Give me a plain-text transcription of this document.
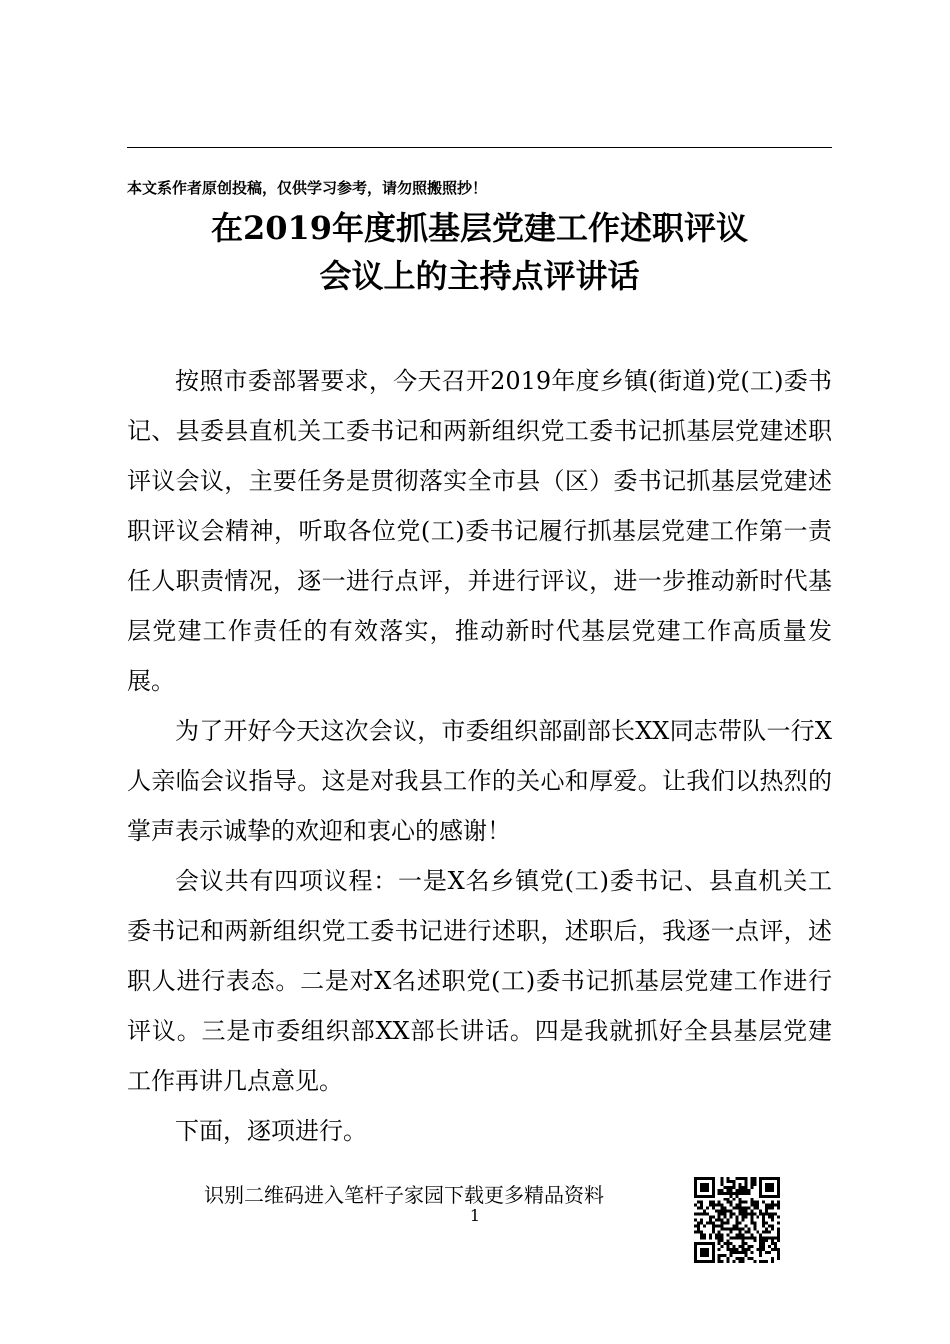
本文系作者原创投稿，仅供学习参考，请勿照搬照抄！
在2019年度抓基层党建工作述职评议
会议上的主持点评讲话

按照市委部署要求，今天召开2019年度乡镇(街道)党(工)委书记、县委县直机关工委书记和两新组织党工委书记抓基层党建述职评议会议，主要任务是贯彻落实全市县（区）委书记抓基层党建述职评议会精神，听取各位党(工)委书记履行抓基层党建工作第一责任人职责情况，逐一进行点评，并进行评议，进一步推动新时代基层党建工作责任的有效落实，推动新时代基层党建工作高质量发展。

为了开好今天这次会议，市委组织部副部长XX同志带队一行X人亲临会议指导。这是对我县工作的关心和厚爱。让我们以热烈的掌声表示诚挚的欢迎和衷心的感谢！

会议共有四项议程：一是X名乡镇党(工)委书记、县直机关工委书记和两新组织党工委书记进行述职，述职后，我逐一点评，述职人进行表态。二是对X名述职党(工)委书记抓基层党建工作进行评议。三是市委组织部XX部长讲话。四是我就抓好全县基层党建工作再讲几点意见。

下面，逐项进行。

识别二维码进入笔杆子家园下载更多精品资料
1
